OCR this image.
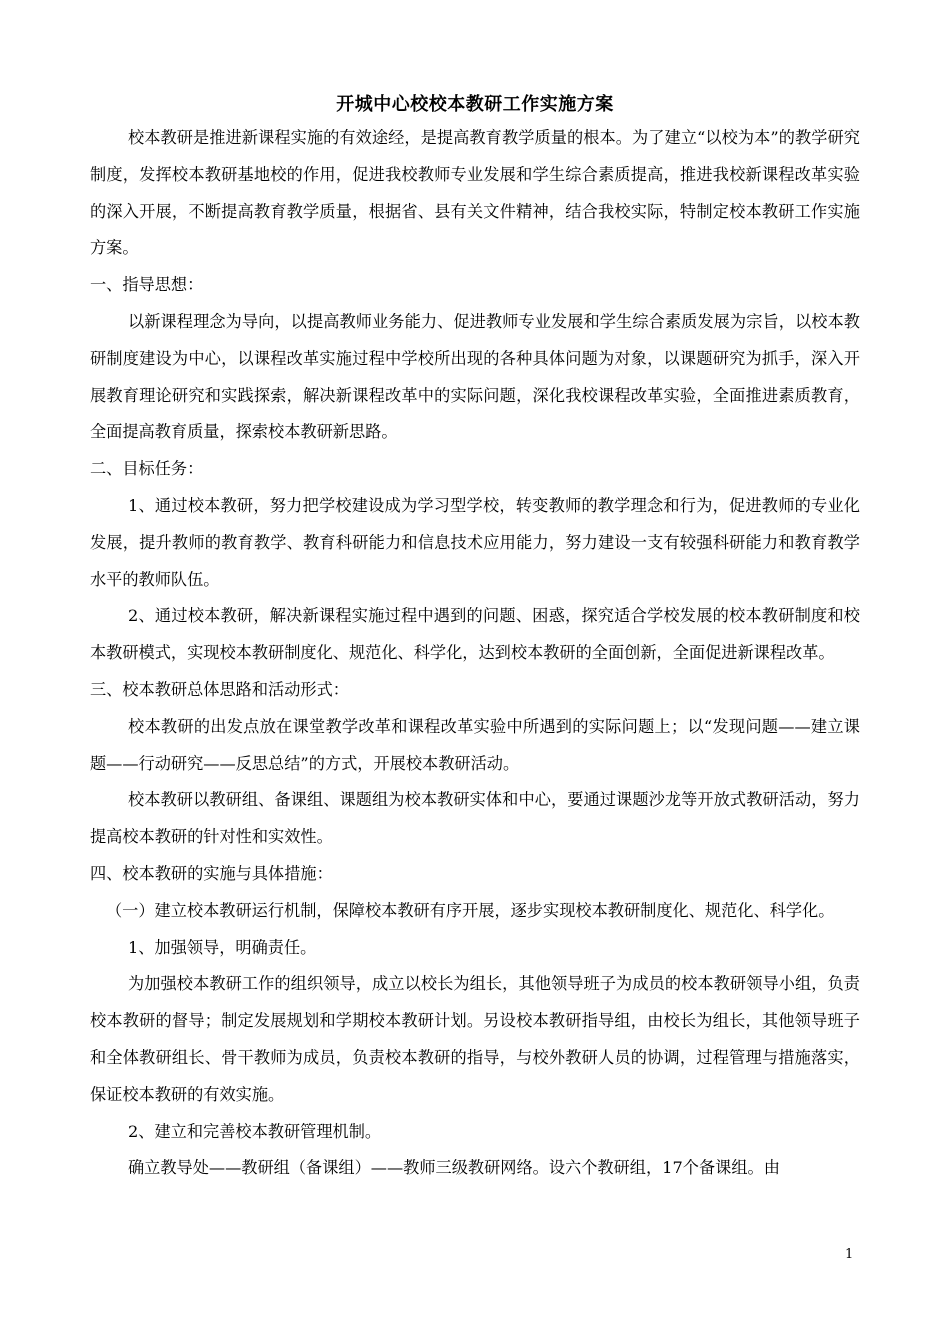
开城中心校校本教研工作实施方案

校本教研是推进新课程实施的有效途经，是提高教育教学质量的根本。为了建立“以校为本”的教学研究制度，发挥校本教研基地校的作用，促进我校教师专业发展和学生综合素质提高，推进我校新课程改革实验的深入开展，不断提高教育教学质量，根据省、县有关文件精神，结合我校实际，特制定校本教研工作实施方案。

一、指导思想：

以新课程理念为导向，以提高教师业务能力、促进教师专业发展和学生综合素质发展为宗旨，以校本教研制度建设为中心，以课程改革实施过程中学校所出现的各种具体问题为对象，以课题研究为抓手，深入开展教育理论研究和实践探索，解决新课程改革中的实际问题，深化我校课程改革实验，全面推进素质教育，全面提高教育质量，探索校本教研新思路。

二、目标任务：

1、通过校本教研，努力把学校建设成为学习型学校，转变教师的教学理念和行为，促进教师的专业化发展，提升教师的教育教学、教育科研能力和信息技术应用能力，努力建设一支有较强科研能力和教育教学水平的教师队伍。

2、通过校本教研，解决新课程实施过程中遇到的问题、困惑，探究适合学校发展的校本教研制度和校本教研模式，实现校本教研制度化、规范化、科学化，达到校本教研的全面创新，全面促进新课程改革。

三、校本教研总体思路和活动形式：

校本教研的出发点放在课堂教学改革和课程改革实验中所遇到的实际问题上；以“发现问题——建立课题——行动研究——反思总结”的方式，开展校本教研活动。

校本教研以教研组、备课组、课题组为校本教研实体和中心，要通过课题沙龙等开放式教研活动，努力提高校本教研的针对性和实效性。

四、校本教研的实施与具体措施：

（一）建立校本教研运行机制，保障校本教研有序开展，逐步实现校本教研制度化、规范化、科学化。

1、加强领导，明确责任。

为加强校本教研工作的组织领导，成立以校长为组长，其他领导班子为成员的校本教研领导小组，负责校本教研的督导；制定发展规划和学期校本教研计划。另设校本教研指导组，由校长为组长，其他领导班子和全体教研组长、骨干教师为成员，负责校本教研的指导，与校外教研人员的协调，过程管理与措施落实，保证校本教研的有效实施。

2、建立和完善校本教研管理机制。

确立教导处——教研组（备课组）——教师三级教研网络。设六个教研组，17个备课组。由

1
